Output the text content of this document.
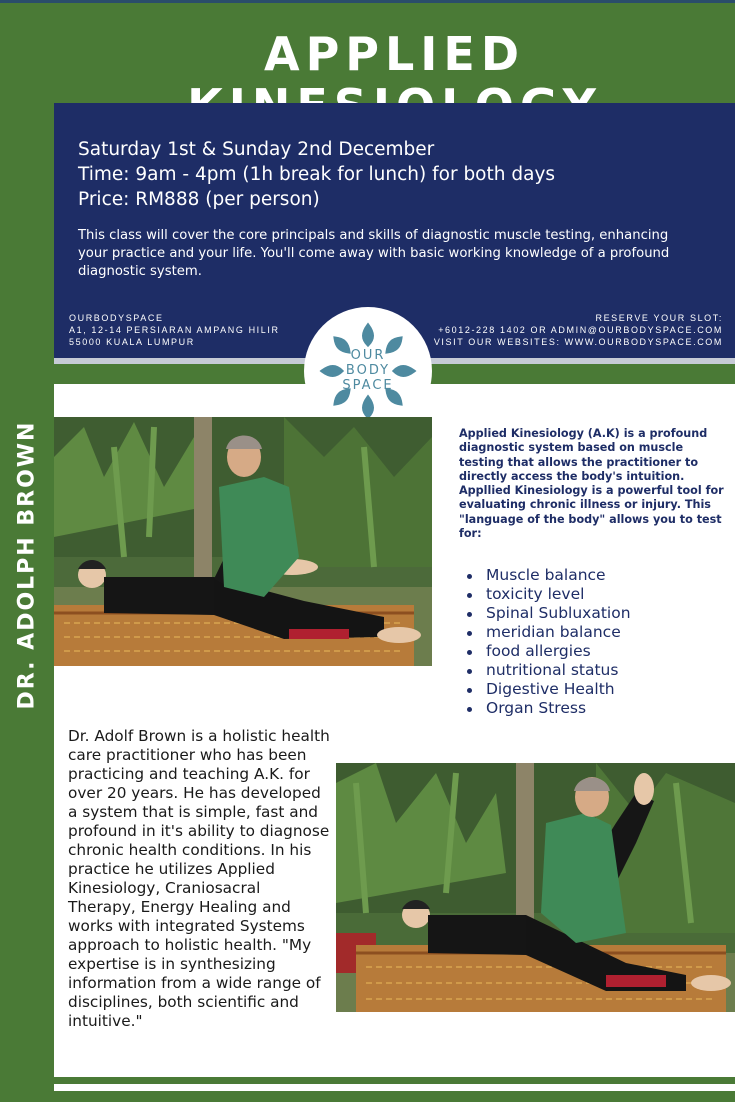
APPLIED
DR. ADOLPH BROWN
Saturday 1st & Sunday 2nd December
Time: 9am - 4pm (1h break for lunch) for both days
Price: RM888 (per person)
This class will cover the core principals and skills of diagnostic muscle testing, enhancing your practice and your life. You'll come away with basic working knowledge of a profound diagnostic system.
OURBODYSPACE
A1, 12-14 PERSIARAN AMPANG HILIR
55000 KUALA LUMPUR
RESERVE YOUR SLOT:
+6012-228 1402 OR ADMIN@OURBODYSPACE.COM
VISIT OUR WEBSITES: WWW.OURBODYSPACE.COM
OUR
BODY
SPACE
Applied Kinesiology (A.K) is a profound diagnostic system based on muscle testing that allows the practitioner to directly access the body's intuition. Appllied Kinesiology is a powerful tool for evaluating chronic illness or injury. This "language of the body" allows you to test for:
Muscle balance
toxicity level
Spinal Subluxation
meridian balance
food allergies
nutritional status
Digestive Health
Organ Stress
Dr. Adolf Brown is a holistic health care practitioner who has been practicing and teaching A.K. for over 20 years. He has developed a system that is simple, fast and profound in it's ability to diagnose chronic health conditions. In his practice he utilizes Applied Kinesiology, Craniosacral Therapy, Energy Healing and works with integrated Systems approach to holistic health. "My expertise is in synthesizing information from a wide range of disciplines, both scientific and intuitive."
